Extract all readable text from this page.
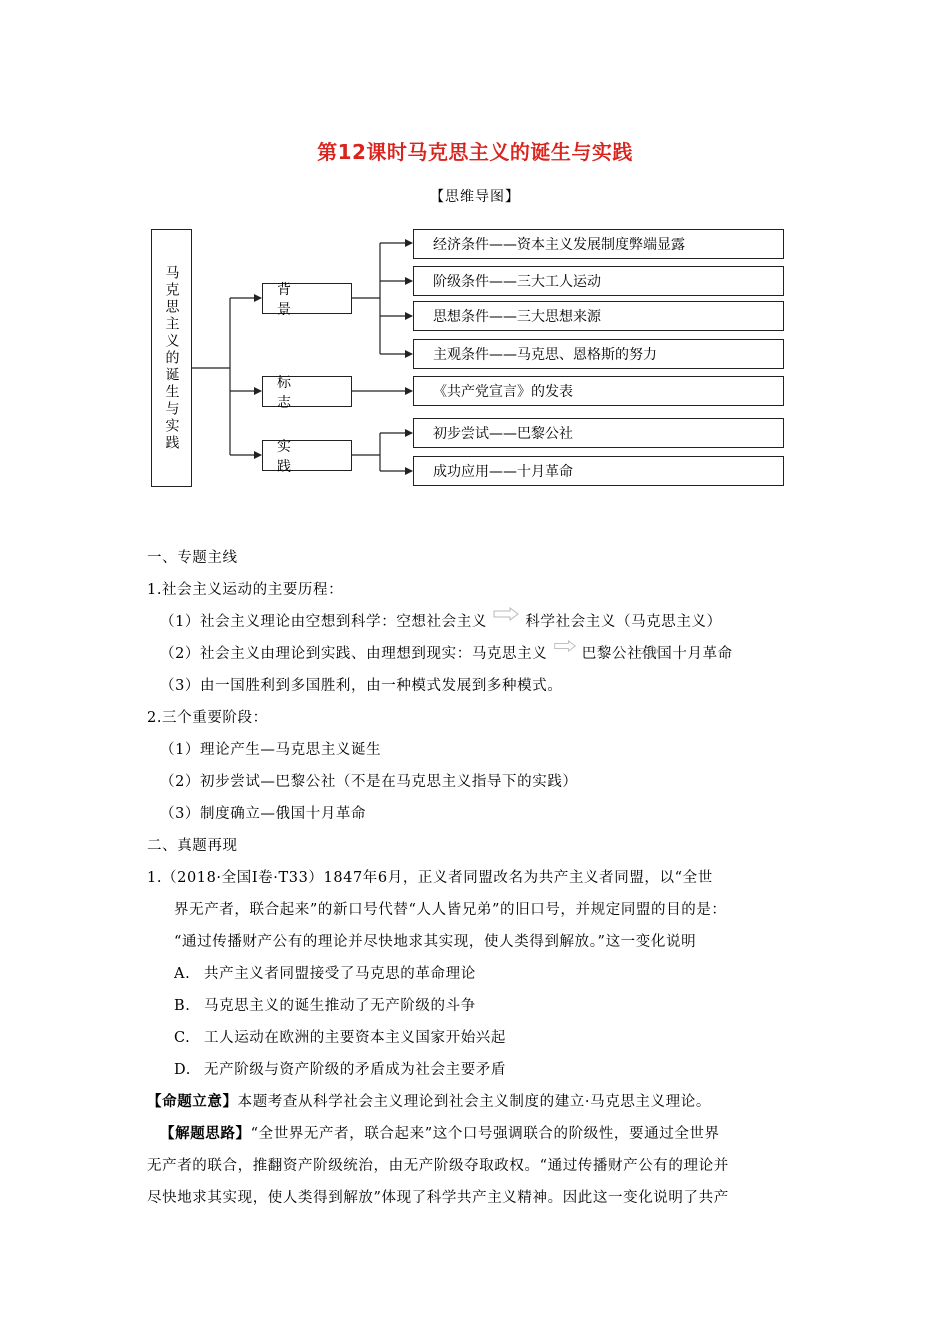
第12课时马克思主义的诞生与实践
【思维导图】
马克思主义的诞生与实践	背　景
标　志
实　践
经济条件——资本主义发展制度弊端显露
阶级条件——三大工人运动
思想条件——三大思想来源
主观条件——马克思、恩格斯的努力
《共产党宣言》的发表
初步尝试——巴黎公社
成功应用——十月革命
一、专题主线
1.社会主义运动的主要历程：
（1）社会主义理论由空想到科学：空想社会主义	科学社会主义（马克思主义）
（2）社会主义由理论到实践、由理想到现实：马克思主义 巴黎公社
俄国十月革命
（3）由一国胜利到多国胜利，由一种模式发展到多种模式。
2.三个重要阶段：
（1）理论产生—马克思主义诞生
（2）初步尝试—巴黎公社（不是在马克思主义指导下的实践）
（3）制度确立—俄国十月革命
二、真题再现
1.（2018·全国Ⅰ卷·T33）1847年6月，正义者同盟改名为共产主义者同盟，以“全世
界无产者，联合起来”的新口号代替“人人皆兄弟”的旧口号，并规定同盟的目的是：
“通过传播财产公有的理论并尽快地求其实现，使人类得到解放。”这一变化说明
A. 共产主义者同盟接受了马克思的革命理论
B. 马克思主义的诞生推动了无产阶级的斗争
C. 工人运动在欧洲的主要资本主义国家开始兴起
D. 无产阶级与资产阶级的矛盾成为社会主要矛盾
【命题立意】本题考查从科学社会主义理论到社会主义制度的建立·马克思主义理论。
【解题思路】“全世界无产者，联合起来”这个口号强调联合的阶级性，要通过全世界
无产者的联合，推翻资产阶级统治，由无产阶级夺取政权。“通过传播财产公有的理论并
尽快地求其实现，使人类得到解放”体现了科学共产主义精神。因此这一变化说明了共产
